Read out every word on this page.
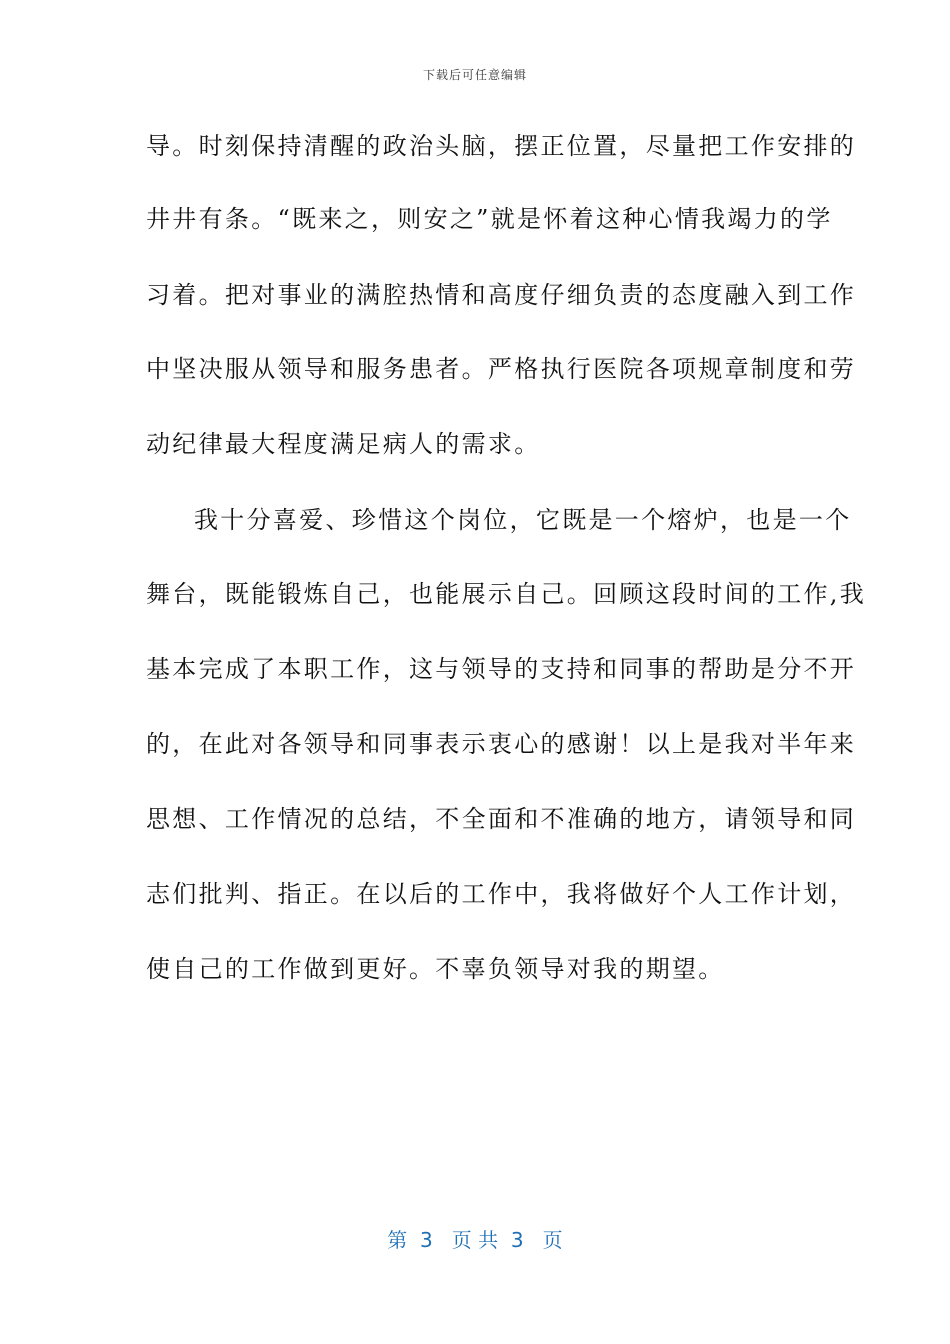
下载后可任意编辑
导。时刻保持清醒的政治头脑，摆正位置，尽量把工作安排的
井井有条。“既来之，则安之”就是怀着这种心情我竭力的学
习着。把对事业的满腔热情和高度仔细负责的态度融入到工作
中坚决服从领导和服务患者。严格执行医院各项规章制度和劳
动纪律最大程度满足病人的需求。
我十分喜爱、珍惜这个岗位，它既是一个熔炉，也是一个
舞台，既能锻炼自己，也能展示自己。回顾这段时间的工作,我
基本完成了本职工作，这与领导的支持和同事的帮助是分不开
的，在此对各领导和同事表示衷心的感谢！以上是我对半年来
思想、工作情况的总结，不全面和不准确的地方，请领导和同
志们批判、指正。在以后的工作中，我将做好个人工作计划，
使自己的工作做到更好。不辜负领导对我的期望。
第  3   页 共  3   页
